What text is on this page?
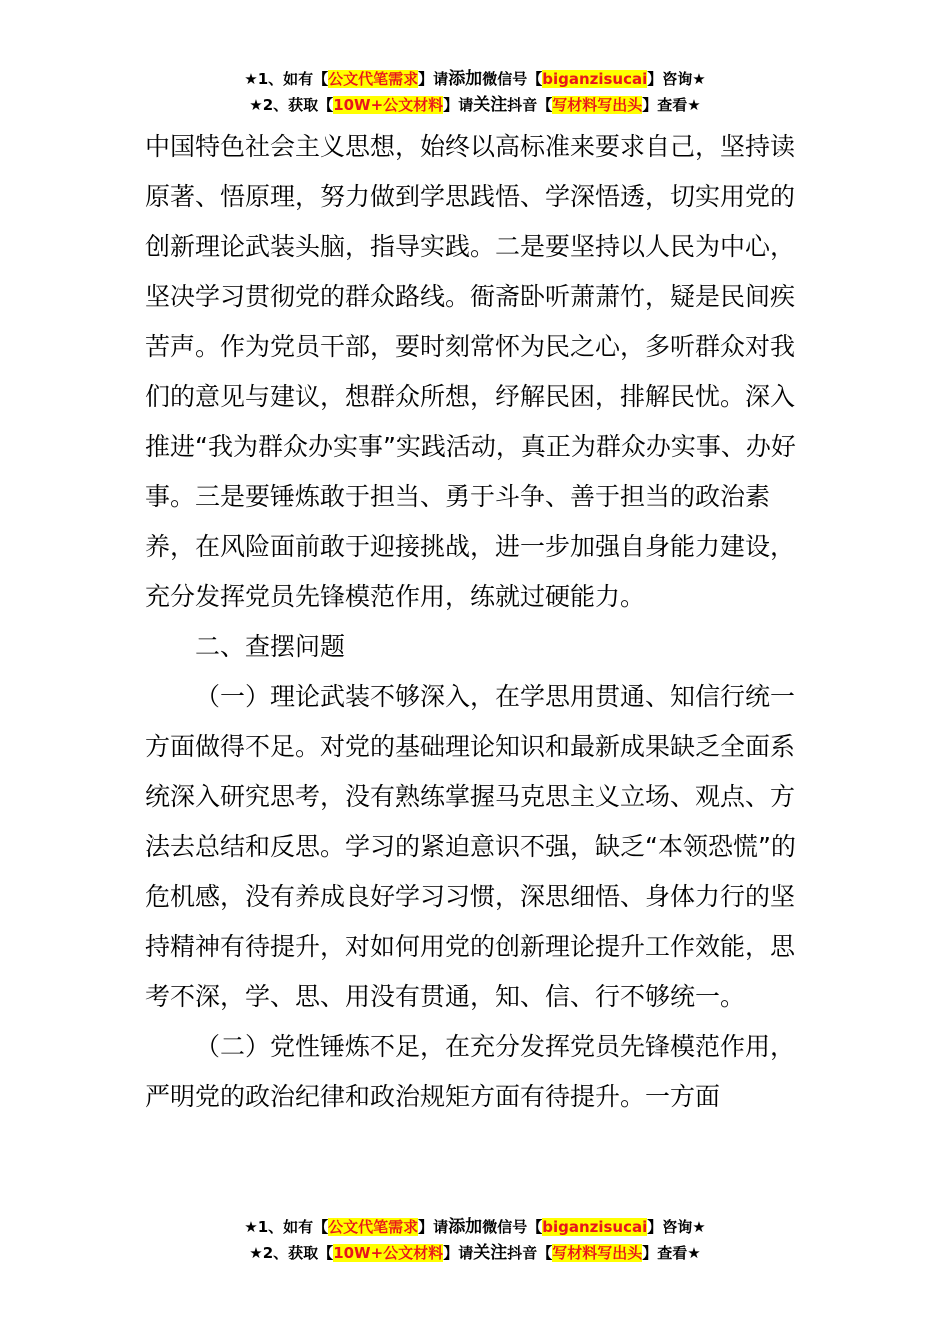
★1、如有【公文代笔需求】请添加微信号【biganzisucai】咨询★
★2、获取【10W+公文材料】请关注抖音【写材料写出头】查看★

中国特色社会主义思想，始终以高标准来要求自己，坚持读原著、悟原理，努力做到学思践悟、学深悟透，切实用党的创新理论武装头脑，指导实践。二是要坚持以人民为中心，坚决学习贯彻党的群众路线。衙斋卧听萧萧竹，疑是民间疾苦声。作为党员干部，要时刻常怀为民之心，多听群众对我们的意见与建议，想群众所想，纾解民困，排解民忧。深入推进“我为群众办实事”实践活动，真正为群众办实事、办好事。三是要锤炼敢于担当、勇于斗争、善于担当的政治素养，在风险面前敢于迎接挑战，进一步加强自身能力建设，充分发挥党员先锋模范作用，练就过硬能力。

二、查摆问题

（一）理论武装不够深入，在学思用贯通、知信行统一方面做得不足。对党的基础理论知识和最新成果缺乏全面系统深入研究思考，没有熟练掌握马克思主义立场、观点、方法去总结和反思。学习的紧迫意识不强，缺乏“本领恐慌”的危机感，没有养成良好学习习惯，深思细悟、身体力行的坚持精神有待提升，对如何用党的创新理论提升工作效能，思考不深，学、思、用没有贯通，知、信、行不够统一。

（二）党性锤炼不足，在充分发挥党员先锋模范作用，严明党的政治纪律和政治规矩方面有待提升。一方面

★1、如有【公文代笔需求】请添加微信号【biganzisucai】咨询★
★2、获取【10W+公文材料】请关注抖音【写材料写出头】查看★
